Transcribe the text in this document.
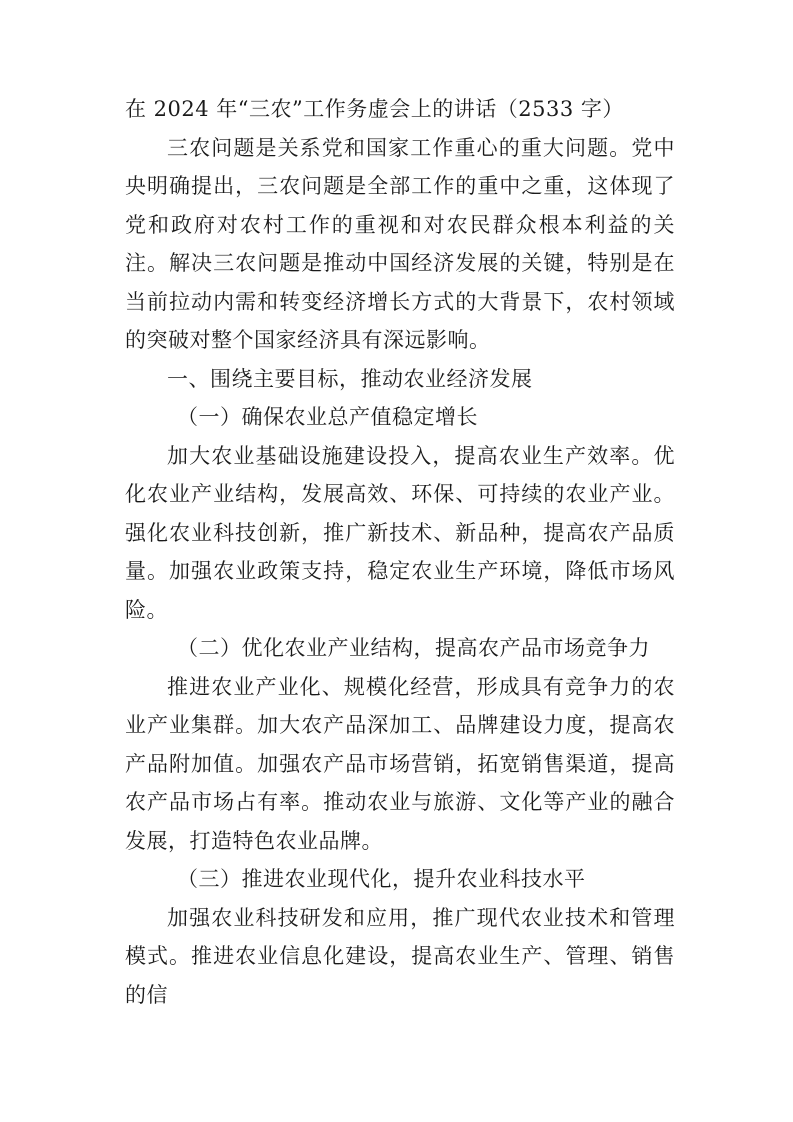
在 2024 年“三农”工作务虚会上的讲话（2533 字）

三农问题是关系党和国家工作重心的重大问题。党中央明确提出，三农问题是全部工作的重中之重，这体现了党和政府对农村工作的重视和对农民群众根本利益的关注。解决三农问题是推动中国经济发展的关键，特别是在当前拉动内需和转变经济增长方式的大背景下，农村领域的突破对整个国家经济具有深远影响。

一、围绕主要目标，推动农业经济发展

（一）确保农业总产值稳定增长

加大农业基础设施建设投入，提高农业生产效率。优化农业产业结构，发展高效、环保、可持续的农业产业。强化农业科技创新，推广新技术、新品种，提高农产品质量。加强农业政策支持，稳定农业生产环境，降低市场风险。

（二）优化农业产业结构，提高农产品市场竞争力

推进农业产业化、规模化经营，形成具有竞争力的农业产业集群。加大农产品深加工、品牌建设力度，提高农产品附加值。加强农产品市场营销，拓宽销售渠道，提高农产品市场占有率。推动农业与旅游、文化等产业的融合发展，打造特色农业品牌。

（三）推进农业现代化，提升农业科技水平

加强农业科技研发和应用，推广现代农业技术和管理模式。推进农业信息化建设，提高农业生产、管理、销售的信
